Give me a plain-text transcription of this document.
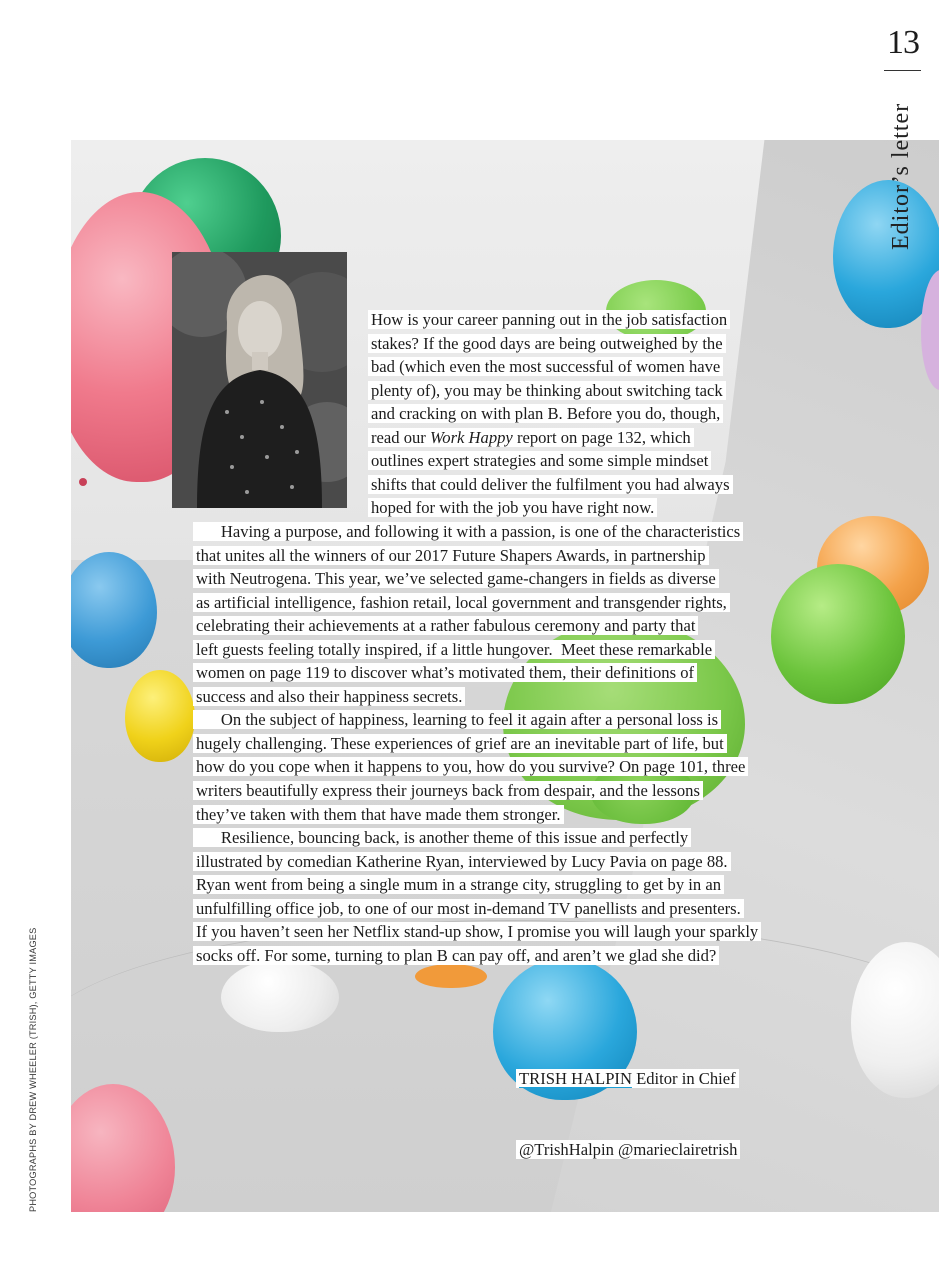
13
Editor’s letter
How is your career panning out in the job satisfaction
stakes? If the good days are being outweighed by the
bad (which even the most successful of women have
plenty of), you may be thinking about switching tack
and cracking on with plan B. Before you do, though,
read our Work Happy report on page 132, which
outlines expert strategies and some simple mindset
shifts that could deliver the fulfilment you had always
hoped for with the job you have right now.
Having a purpose, and following it with a passion, is one of the characteristics
that unites all the winners of our 2017 Future Shapers Awards, in partnership
with Neutrogena. This year, we’ve selected game-changers in fields as diverse
as artificial intelligence, fashion retail, local government and transgender rights,
celebrating their achievements at a rather fabulous ceremony and party that
left guests feeling totally inspired, if a little hungover.  Meet these remarkable
women on page 119 to discover what’s motivated them, their definitions of
success and also their happiness secrets.
On the subject of happiness, learning to feel it again after a personal loss is
hugely challenging. These experiences of grief are an inevitable part of life, but
how do you cope when it happens to you, how do you survive? On page 101, three
writers beautifully express their journeys back from despair, and the lessons
they’ve taken with them that have made them stronger.
Resilience, bouncing back, is another theme of this issue and perfectly
illustrated by comedian Katherine Ryan, interviewed by Lucy Pavia on page 88.
Ryan went from being a single mum in a strange city, struggling to get by in an
unfulfilling office job, to one of our most in-demand TV panellists and presenters.
If you haven’t seen her Netflix stand-up show, I promise you will laugh your sparkly
socks off. For some, turning to plan B can pay off, and aren’t we glad she did?

TRISH HALPIN Editor in Chief

@TrishHalpin @marieclairetrish

PHOTOGRAPHS BY DREW WHEELER (TRISH), GETTY IMAGES
